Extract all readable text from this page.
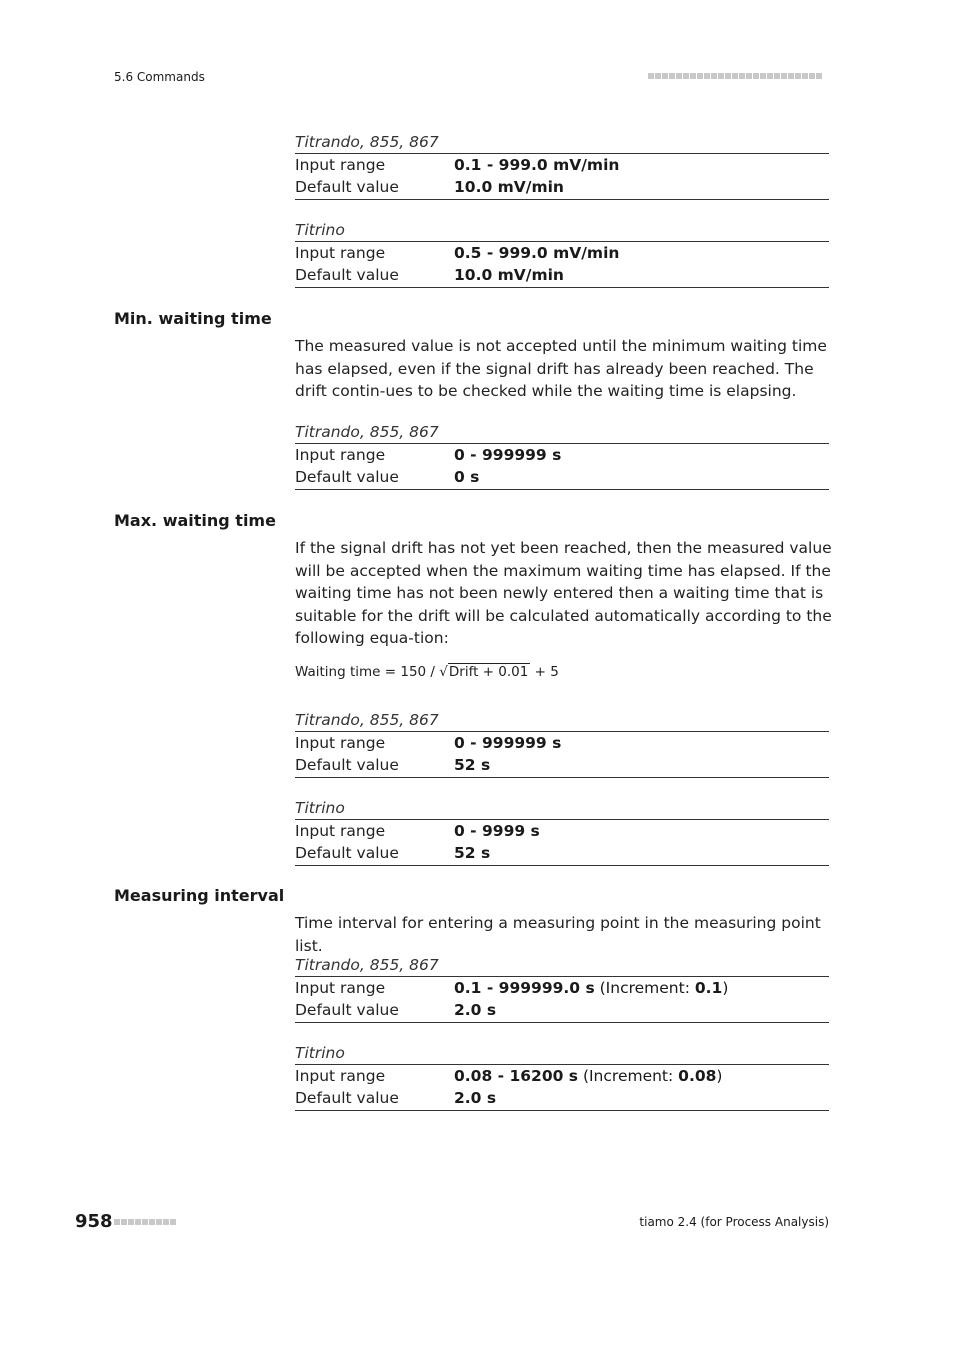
5.6 Commands
Titrando, 855, 867
Input range	0.1 - 999.0 mV/min
Default value	10.0 mV/min
Titrino
Input range	0.5 - 999.0 mV/min
Default value	10.0 mV/min
Min. waiting time
The measured value is not accepted until the minimum waiting time has elapsed, even if the signal drift has already been reached. The drift contin-ues to be checked while the waiting time is elapsing.
Titrando, 855, 867
Input range	0 - 999999 s
Default value	0 s
Max. waiting time
If the signal drift has not yet been reached, then the measured value will be accepted when the maximum waiting time has elapsed. If the waiting time has not been newly entered then a waiting time that is suitable for the drift will be calculated automatically according to the following equa-tion:
Waiting time = 150 / √Drift + 0.01 + 5
Titrando, 855, 867
Input range	0 - 999999 s
Default value	52 s
Titrino
Input range	0 - 9999 s
Default value	52 s
Measuring interval
Time interval for entering a measuring point in the measuring point list.
Titrando, 855, 867
Input range	0.1 - 999999.0 s (Increment: 0.1)
Default value	2.0 s
Titrino
Input range	0.08 - 16200 s (Increment: 0.08)
Default value	2.0 s
958	tiamo 2.4 (for Process Analysis)
